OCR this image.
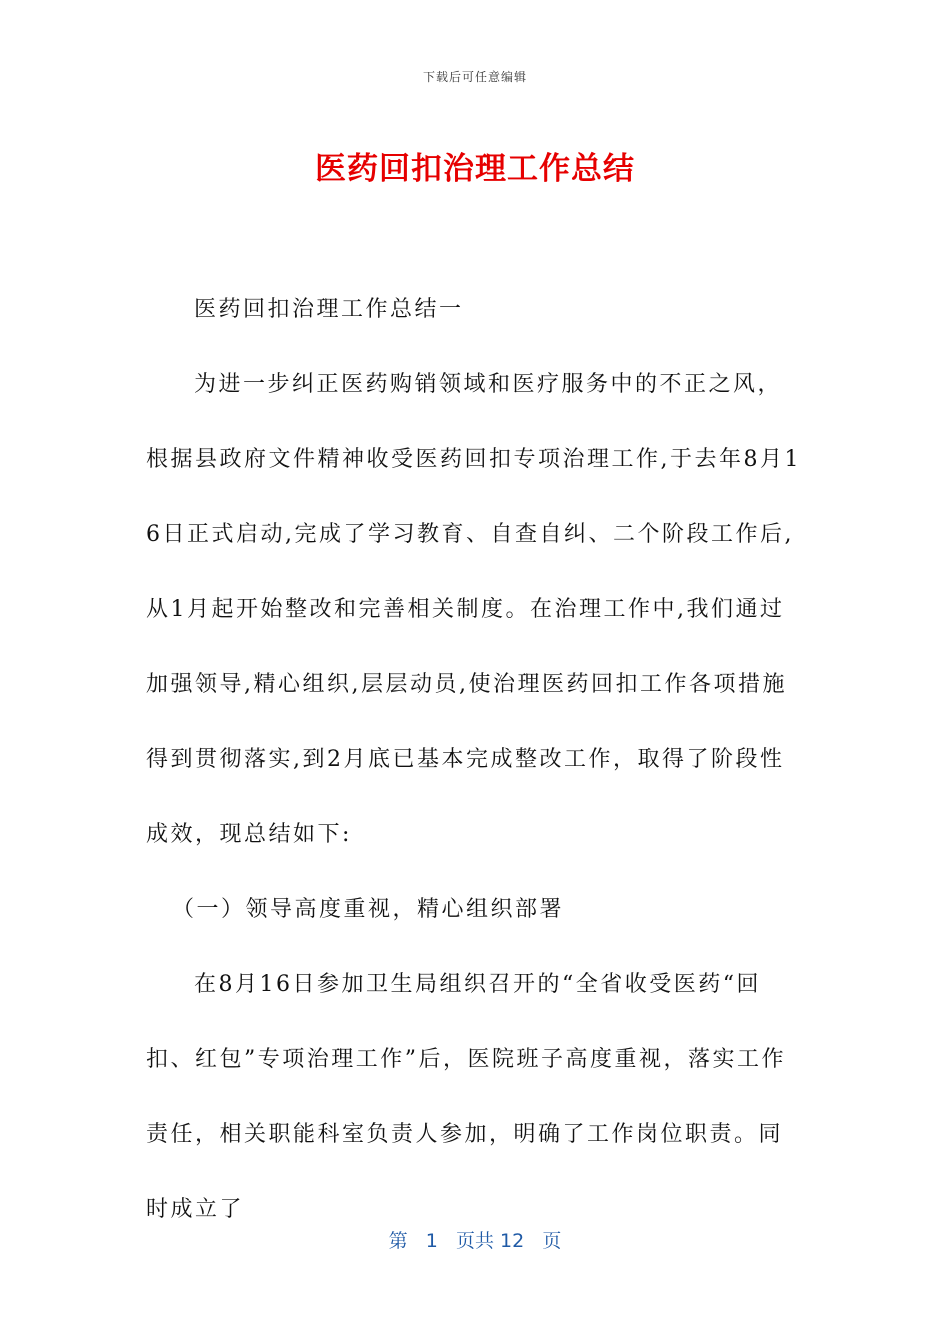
下载后可任意编辑
医药回扣治理工作总结

医药回扣治理工作总结一

为进一步纠正医药购销领域和医疗服务中的不正之风，根据县政府文件精神收受医药回扣专项治理工作,于去年8月16日正式启动,完成了学习教育、自查自纠、二个阶段工作后,从1月起开始整改和完善相关制度。在治理工作中,我们通过加强领导,精心组织,层层动员,使治理医药回扣工作各项措施得到贯彻落实,到2月底已基本完成整改工作，取得了阶段性成效，现总结如下:

（一）领导高度重视，精心组织部署

在8月16日参加卫生局组织召开的“全省收受医药“回扣、红包”专项治理工作”后，医院班子高度重视，落实工作责任，相关职能科室负责人参加，明确了工作岗位职责。同时成立了

第 1 页共 12 页
